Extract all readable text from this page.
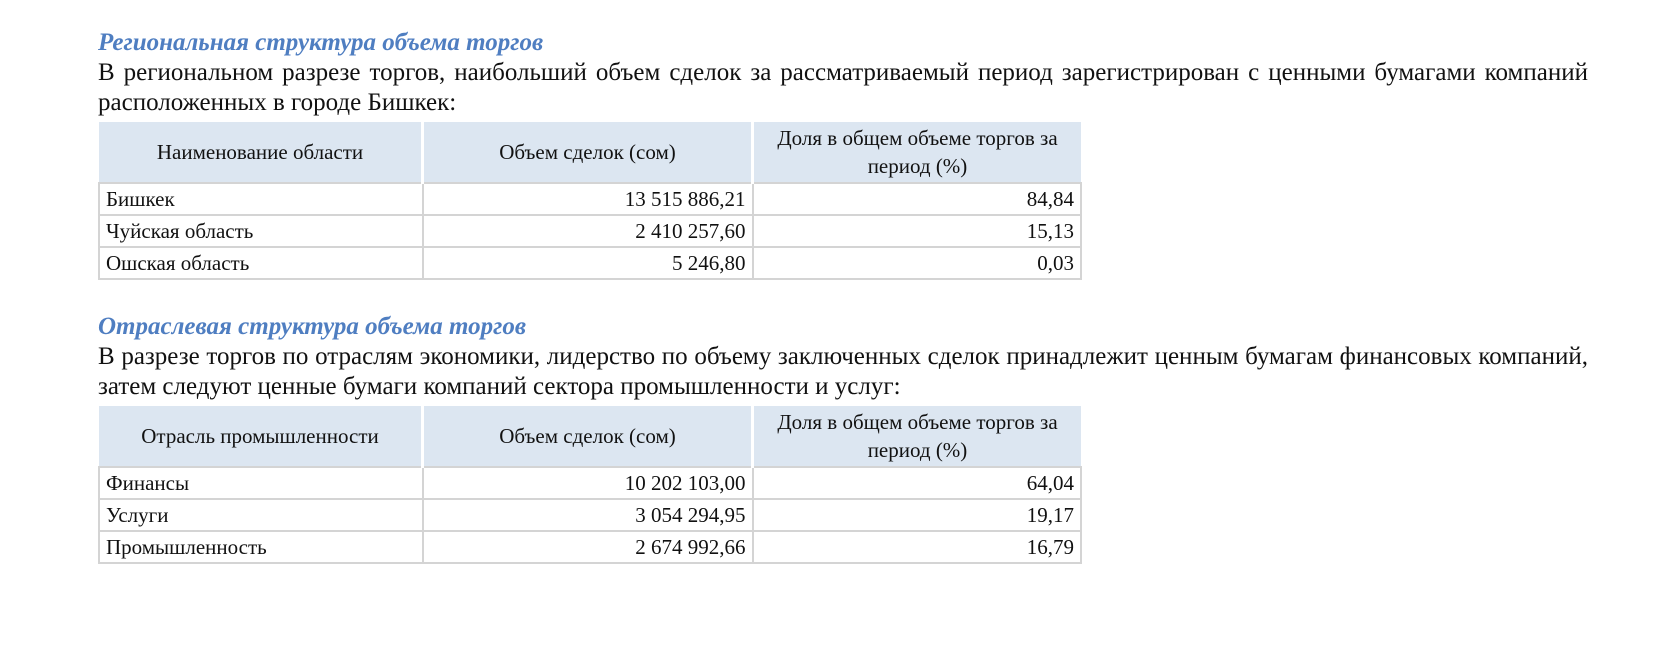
Региональная структура объема торгов

В региональном разрезе торгов, наибольший объем сделок за рассматриваемый период зарегистрирован с ценными бумагами компаний расположенных в городе Бишкек:

Наименование области	Объем сделок (сом)	Доля в общем объеме торгов за период (%)
Бишкек	13 515 886,21	84,84
Чуйская область	2 410 257,60	15,13
Ошская область	5 246,80	0,03
Отраслевая структура объема торгов

В разрезе торгов по отраслям экономики, лидерство по объему заключенных сделок принадлежит ценным бумагам финансовых компаний, затем следуют ценные бумаги компаний сектора промышленности и услуг:

Отрасль промышленности	Объем сделок (сом)	Доля в общем объеме торгов за период (%)
Финансы	10 202 103,00	64,04
Услуги	3 054 294,95	19,17
Промышленность	2 674 992,66	16,79
